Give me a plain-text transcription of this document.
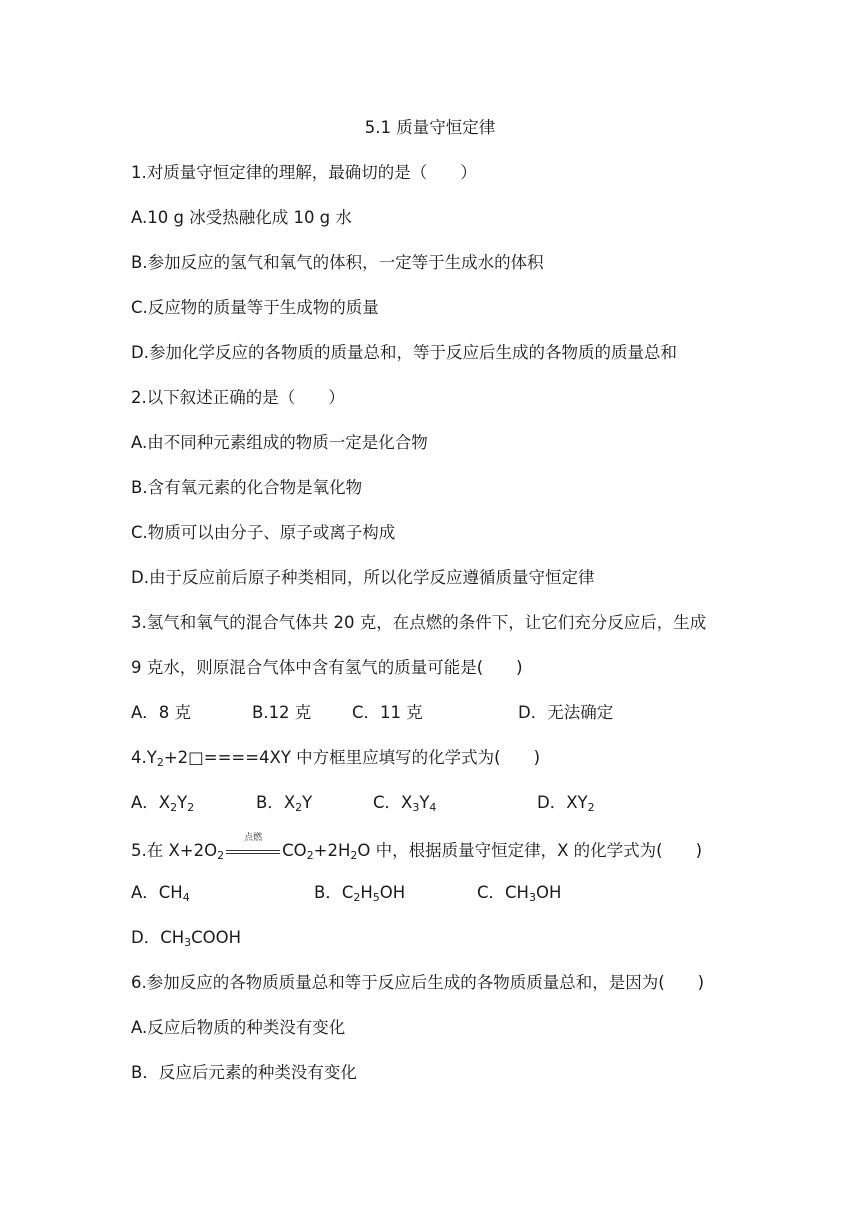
5.1 质量守恒定律
1.对质量守恒定律的理解，最确切的是（　　）
A.10 g 冰受热融化成 10 g 水
B.参加反应的氢气和氧气的体积，一定等于生成水的体积
C.反应物的质量等于生成物的质量
D.参加化学反应的各物质的质量总和，等于反应后生成的各物质的质量总和
2.以下叙述正确的是（　　）
A.由不同种元素组成的物质一定是化合物
B.含有氧元素的化合物是氧化物
C.物质可以由分子、原子或离子构成
D.由于反应前后原子种类相同，所以化学反应遵循质量守恒定律
3.氢气和氧气的混合气体共 20 克，在点燃的条件下，让它们充分反应后，生成
9 克水，则原混合气体中含有氢气的质量可能是(　　)
A．8 克	B.12 克 C．11 克	D．无法确定
$4.Y_2+2□====4XY$ 中方框里应填写的化学式为(　　)
A．$X_2Y_2$	B．$X_2Y$	C．$X_3Y_4$	D．$XY_2$
5.在 $X+2O_2$
点燃
$CO_2+2H_2O$ 中，根据质量守恒定律，X 的化学式为(　　)
A．$CH_4$	B．$C_2H_5OH$	C．$CH_3OH$
D．$CH_3COOH$
6.参加反应的各物质质量总和等于反应后生成的各物质质量总和，是因为(　　)
A.反应后物质的种类没有变化
B．反应后元素的种类没有变化
